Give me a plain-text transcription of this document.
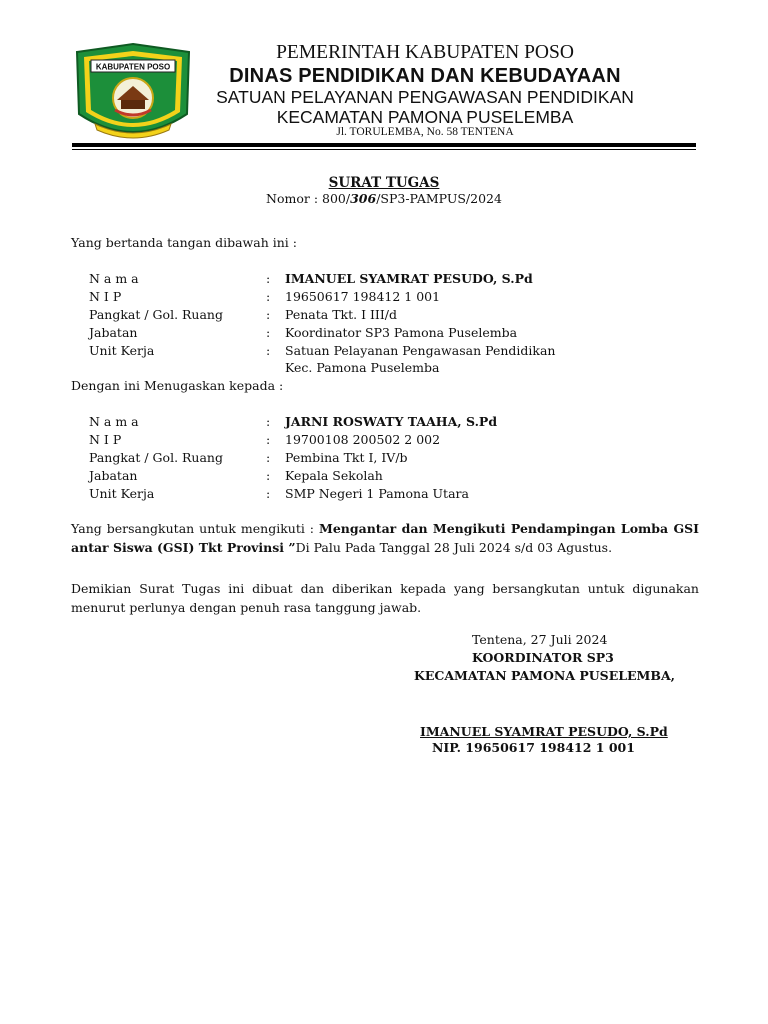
KABUPATEN POSO
PEMERINTAH KABUPATEN POSO
DINAS PENDIDIKAN DAN KEBUDAYAAN
SATUAN PELAYANAN PENGAWASAN PENDIDIKAN
KECAMATAN PAMONA PUSELEMBA
Jl. TORULEMBA, No. 58 TENTENA
SURAT TUGAS
Nomor : 800/306/SP3-PAMPUS/2024
Yang bertanda tangan dibawah ini :
N a m a	: IMANUEL SYAMRAT PESUDO, S.Pd
N I P	: 19650617 198412 1 001
Pangkat / Gol. Ruang	: Penata Tkt. I III/d
Jabatan	: Koordinator SP3 Pamona Puselemba
Unit Kerja	: Satuan Pelayanan Pengawasan Pendidikan
Kec. Pamona Puselemba
Dengan ini Menugaskan kepada :
N a m a	: JARNI ROSWATY TAAHA, S.Pd
N I P	: 19700108 200502 2 002
Pangkat / Gol. Ruang	: Pembina Tkt I, IV/b
Jabatan	: Kepala Sekolah
Unit Kerja	: SMP Negeri 1 Pamona Utara
Yang bersangkutan untuk mengikuti : Mengantar dan Mengikuti Pendampingan Lomba GSI antar Siswa (GSI) Tkt Provinsi ”Di Palu Pada Tanggal 28 Juli 2024 s/d 03 Agustus.
Demikian Surat Tugas ini dibuat dan diberikan kepada yang bersangkutan untuk digunakan menurut perlunya dengan penuh rasa tanggung jawab.
Tentena, 27 Juli 2024
KOORDINATOR SP3
KECAMATAN PAMONA PUSELEMBA,
IMANUEL SYAMRAT PESUDO, S.Pd
NIP. 19650617 198412 1 001
